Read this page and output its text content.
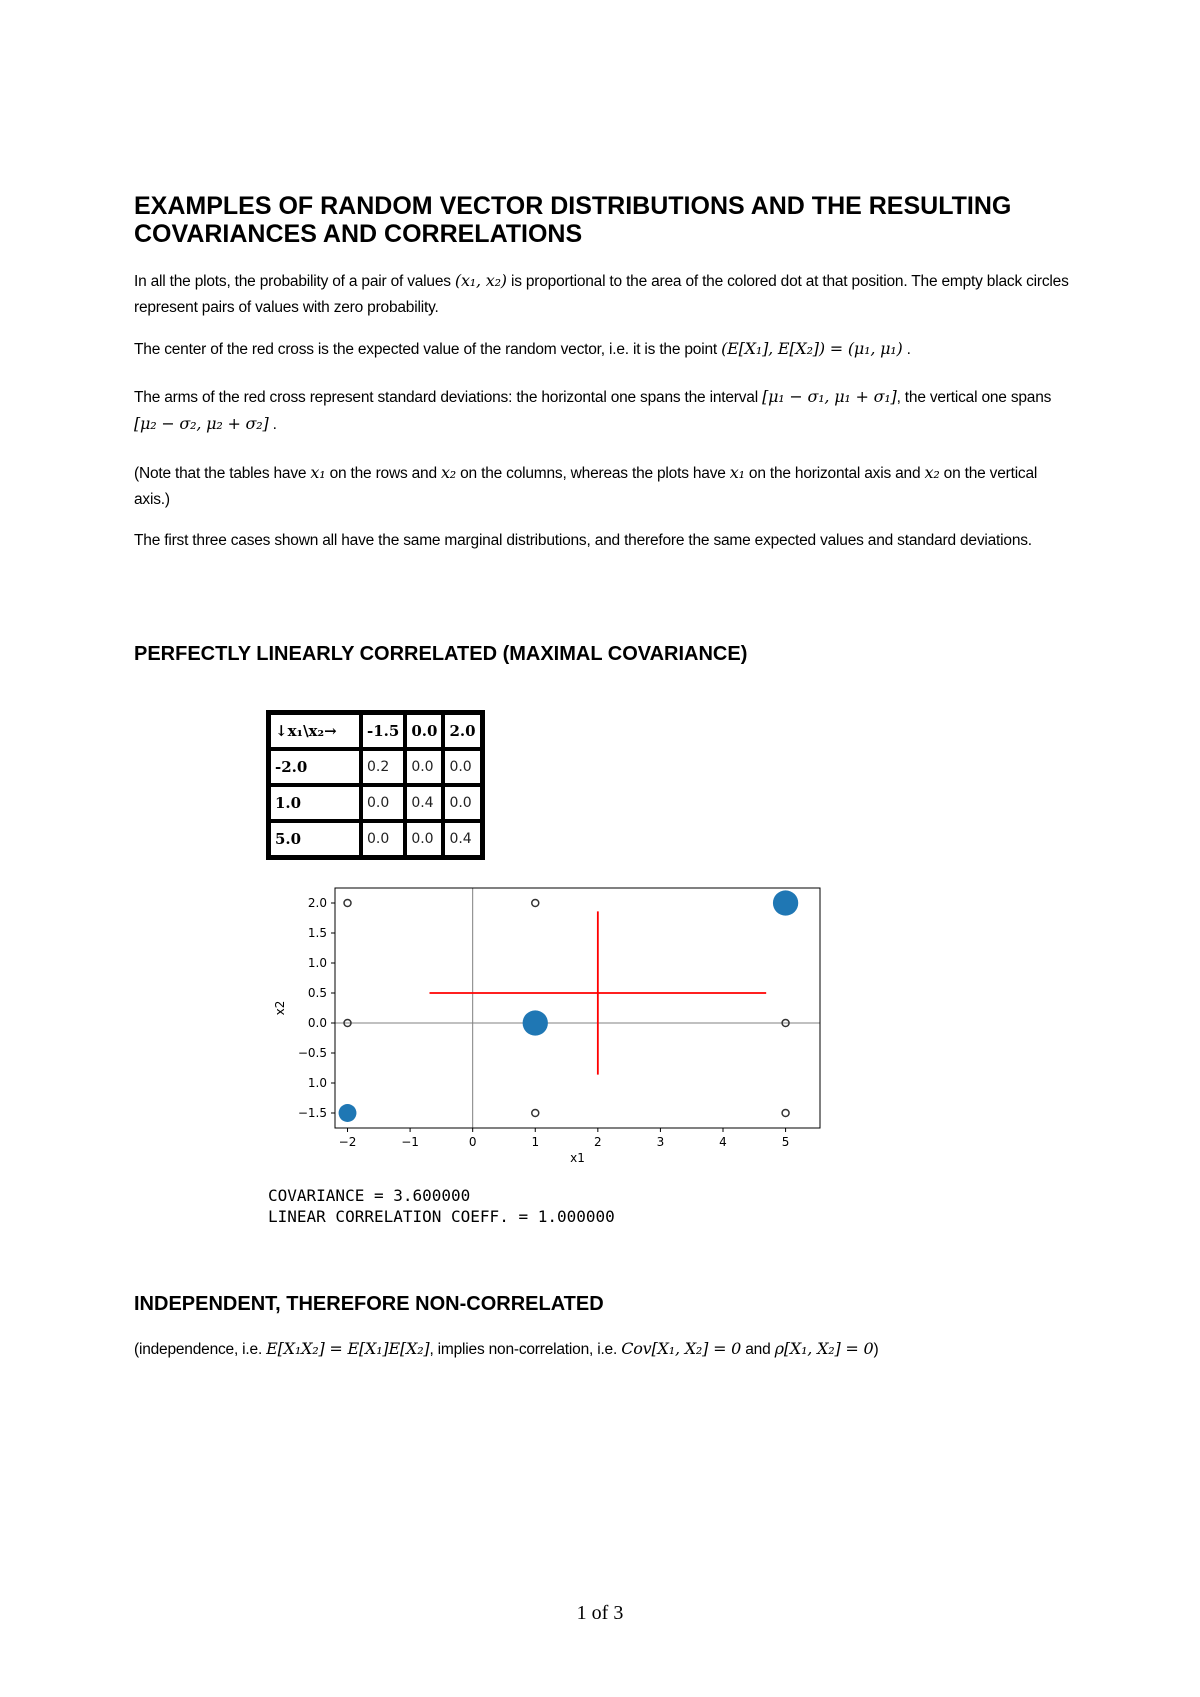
EXAMPLES OF RANDOM VECTOR DISTRIBUTIONS AND THE RESULTING COVARIANCES AND CORRELATIONS

In all the plots, the probability of a pair of values (x₁, x₂) is proportional to the area of the colored dot at that position. The empty black circles represent pairs of values with zero probability.

The center of the red cross is the expected value of the random vector, i.e. it is the point (E[X₁], E[X₂]) = (μ₁, μ₁) .

The arms of the red cross represent standard deviations: the horizontal one spans the interval [μ₁ − σ₁, μ₁ + σ₁], the vertical one spans [μ₂ − σ₂, μ₂ + σ₂] .

(Note that the tables have x₁ on the rows and x₂ on the columns, whereas the plots have x₁ on the horizontal axis and x₂ on the vertical axis.)

The first three cases shown all have the same marginal distributions, and therefore the same expected values and standard deviations.

PERFECTLY LINEARLY CORRELATED (MAXIMAL COVARIANCE)
↓x₁\x₂→	-1.5	0.0	2.0
-2.0	0.2	0.0	0.0
1.0	0.0	0.4	0.0
5.0	0.0	0.0	0.4
−2	−1	0	1	2	3	4	5
2.0
1.5
1.0
0.5
0.0
−0.5
1.0
−1.5
x1
x2

COVARIANCE = 3.600000

LINEAR CORRELATION COEFF. = 1.000000

INDEPENDENT, THEREFORE NON-CORRELATED

(independence, i.e. E[X₁X₂] = E[X₁]E[X₂], implies non-correlation, i.e. Cov[X₁, X₂] = 0 and ρ[X₁, X₂] = 0)

1 of 3
